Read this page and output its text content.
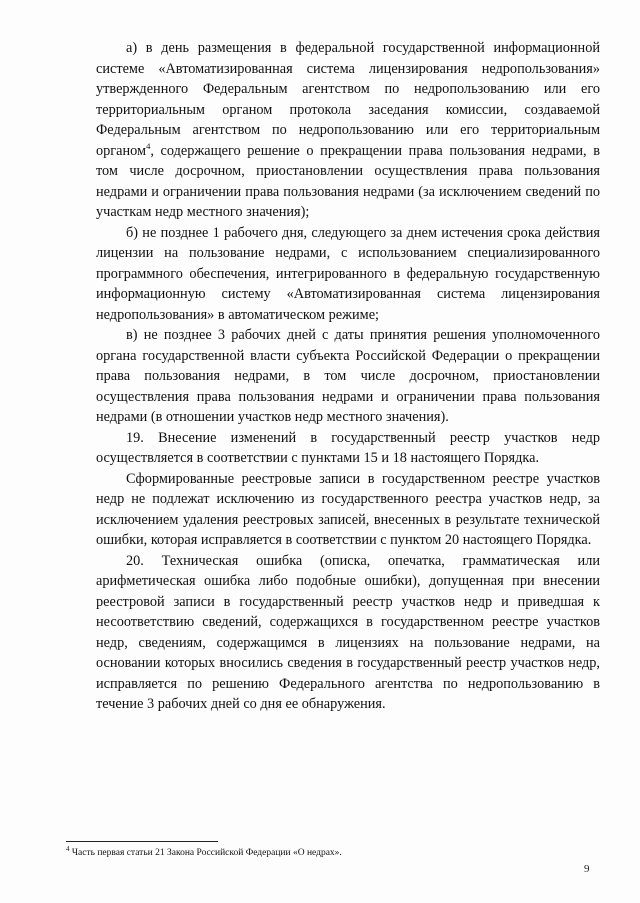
а) в день размещения в федеральной государственной информационной системе «Автоматизированная система лицензирования недропользования» утвержденного Федеральным агентством по недропользованию или его территориальным органом протокола заседания комиссии, создаваемой Федеральным агентством по недропользованию или его территориальным органом$^4$, содержащего решение о прекращении права пользования недрами, в том числе досрочном, приостановлении осуществления права пользования недрами и ограничении права пользования недрами (за исключением сведений по участкам недр местного значения);

б) не позднее 1 рабочего дня, следующего за днем истечения срока действия лицензии на пользование недрами, с использованием специализированного программного обеспечения, интегрированного в федеральную государственную информационную систему «Автоматизированная система лицензирования недропользования» в автоматическом режиме;

в) не позднее 3 рабочих дней с даты принятия решения уполномоченного органа государственной власти субъекта Российской Федерации о прекращении права пользования недрами, в том числе досрочном, приостановлении осуществления права пользования недрами и ограничении права пользования недрами (в отношении участков недр местного значения).

19. Внесение изменений в государственный реестр участков недр осуществляется в соответствии с пунктами 15 и 18 настоящего Порядка.

Сформированные реестровые записи в государственном реестре участков недр не подлежат исключению из государственного реестра участков недр, за исключением удаления реестровых записей, внесенных в результате технической ошибки, которая исправляется в соответствии с пунктом 20 настоящего Порядка.

20. Техническая ошибка (описка, опечатка, грамматическая или арифметическая ошибка либо подобные ошибки), допущенная при внесении реестровой записи в государственный реестр участков недр и приведшая к несоответствию сведений, содержащихся в государственном реестре участков недр, сведениям, содержащимся в лицензиях на пользование недрами, на основании которых вносились сведения в государственный реестр участков недр, исправляется по решению Федерального агентства по недропользованию в течение 3 рабочих дней со дня ее обнаружения.

$^4$ Часть первая статьи 21 Закона Российской Федерации «О недрах».
9
